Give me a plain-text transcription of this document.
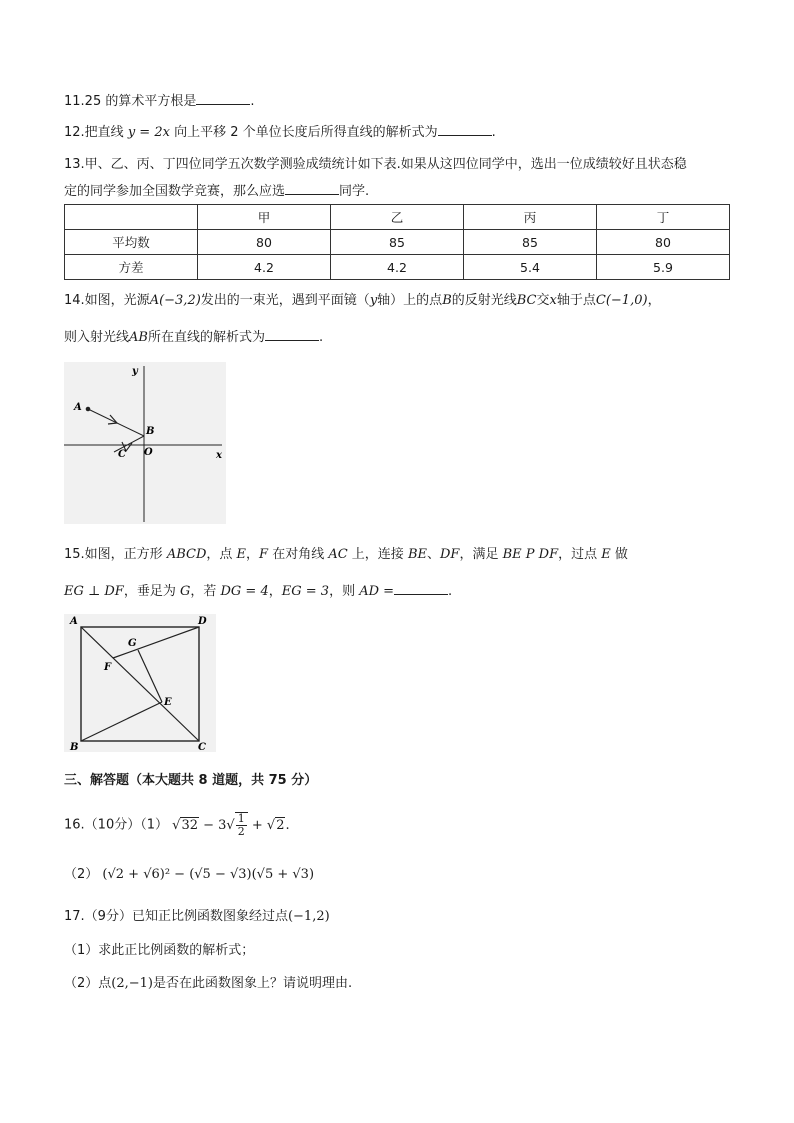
11.25 的算术平方根是	.
12.把直线 y = 2x 向上平移 2 个单位长度后所得直线的解析式为	.
13.甲、乙、丙、丁四位同学五次数学测验成绩统计如下表.如果从这四位同学中，选出一位成绩较好且状态稳
定的同学参加全国数学竞赛，那么应选	同学.
	甲	乙	丙	丁
平均数	80	85	85	80
方差	4.2	4.2	5.4	5.9
14.如图，光源A(−3,2)发出的一束光，遇到平面镜（y轴）上的点B的反射光线BC交x轴于点C(−1,0)，
则入射光线AB所在直线的解析式为	.
y
x
A
B
C O
15.如图，正方形 ABCD，点 E，F 在对角线 AC 上，连接 BE、DF，满足 BE P DF，过点 E 做
EG ⊥ DF，垂足为 G，若 DG = 4，EG = 3，则 AD =	.
A	D
B	C
G
F
E
三、解答题（本大题共 8 道题，共 75 分）
16.（10分）（1） $√32 - 3√ \frac{1}{2} + √2$.
（2） (√2 + √6)² − (√5 − √3)(√5 + √3)
17.（9分）已知正比例函数图象经过点(−1,2)
（1）求此正比例函数的解析式；
（2）点(2,−1)是否在此函数图象上？请说明理由.
